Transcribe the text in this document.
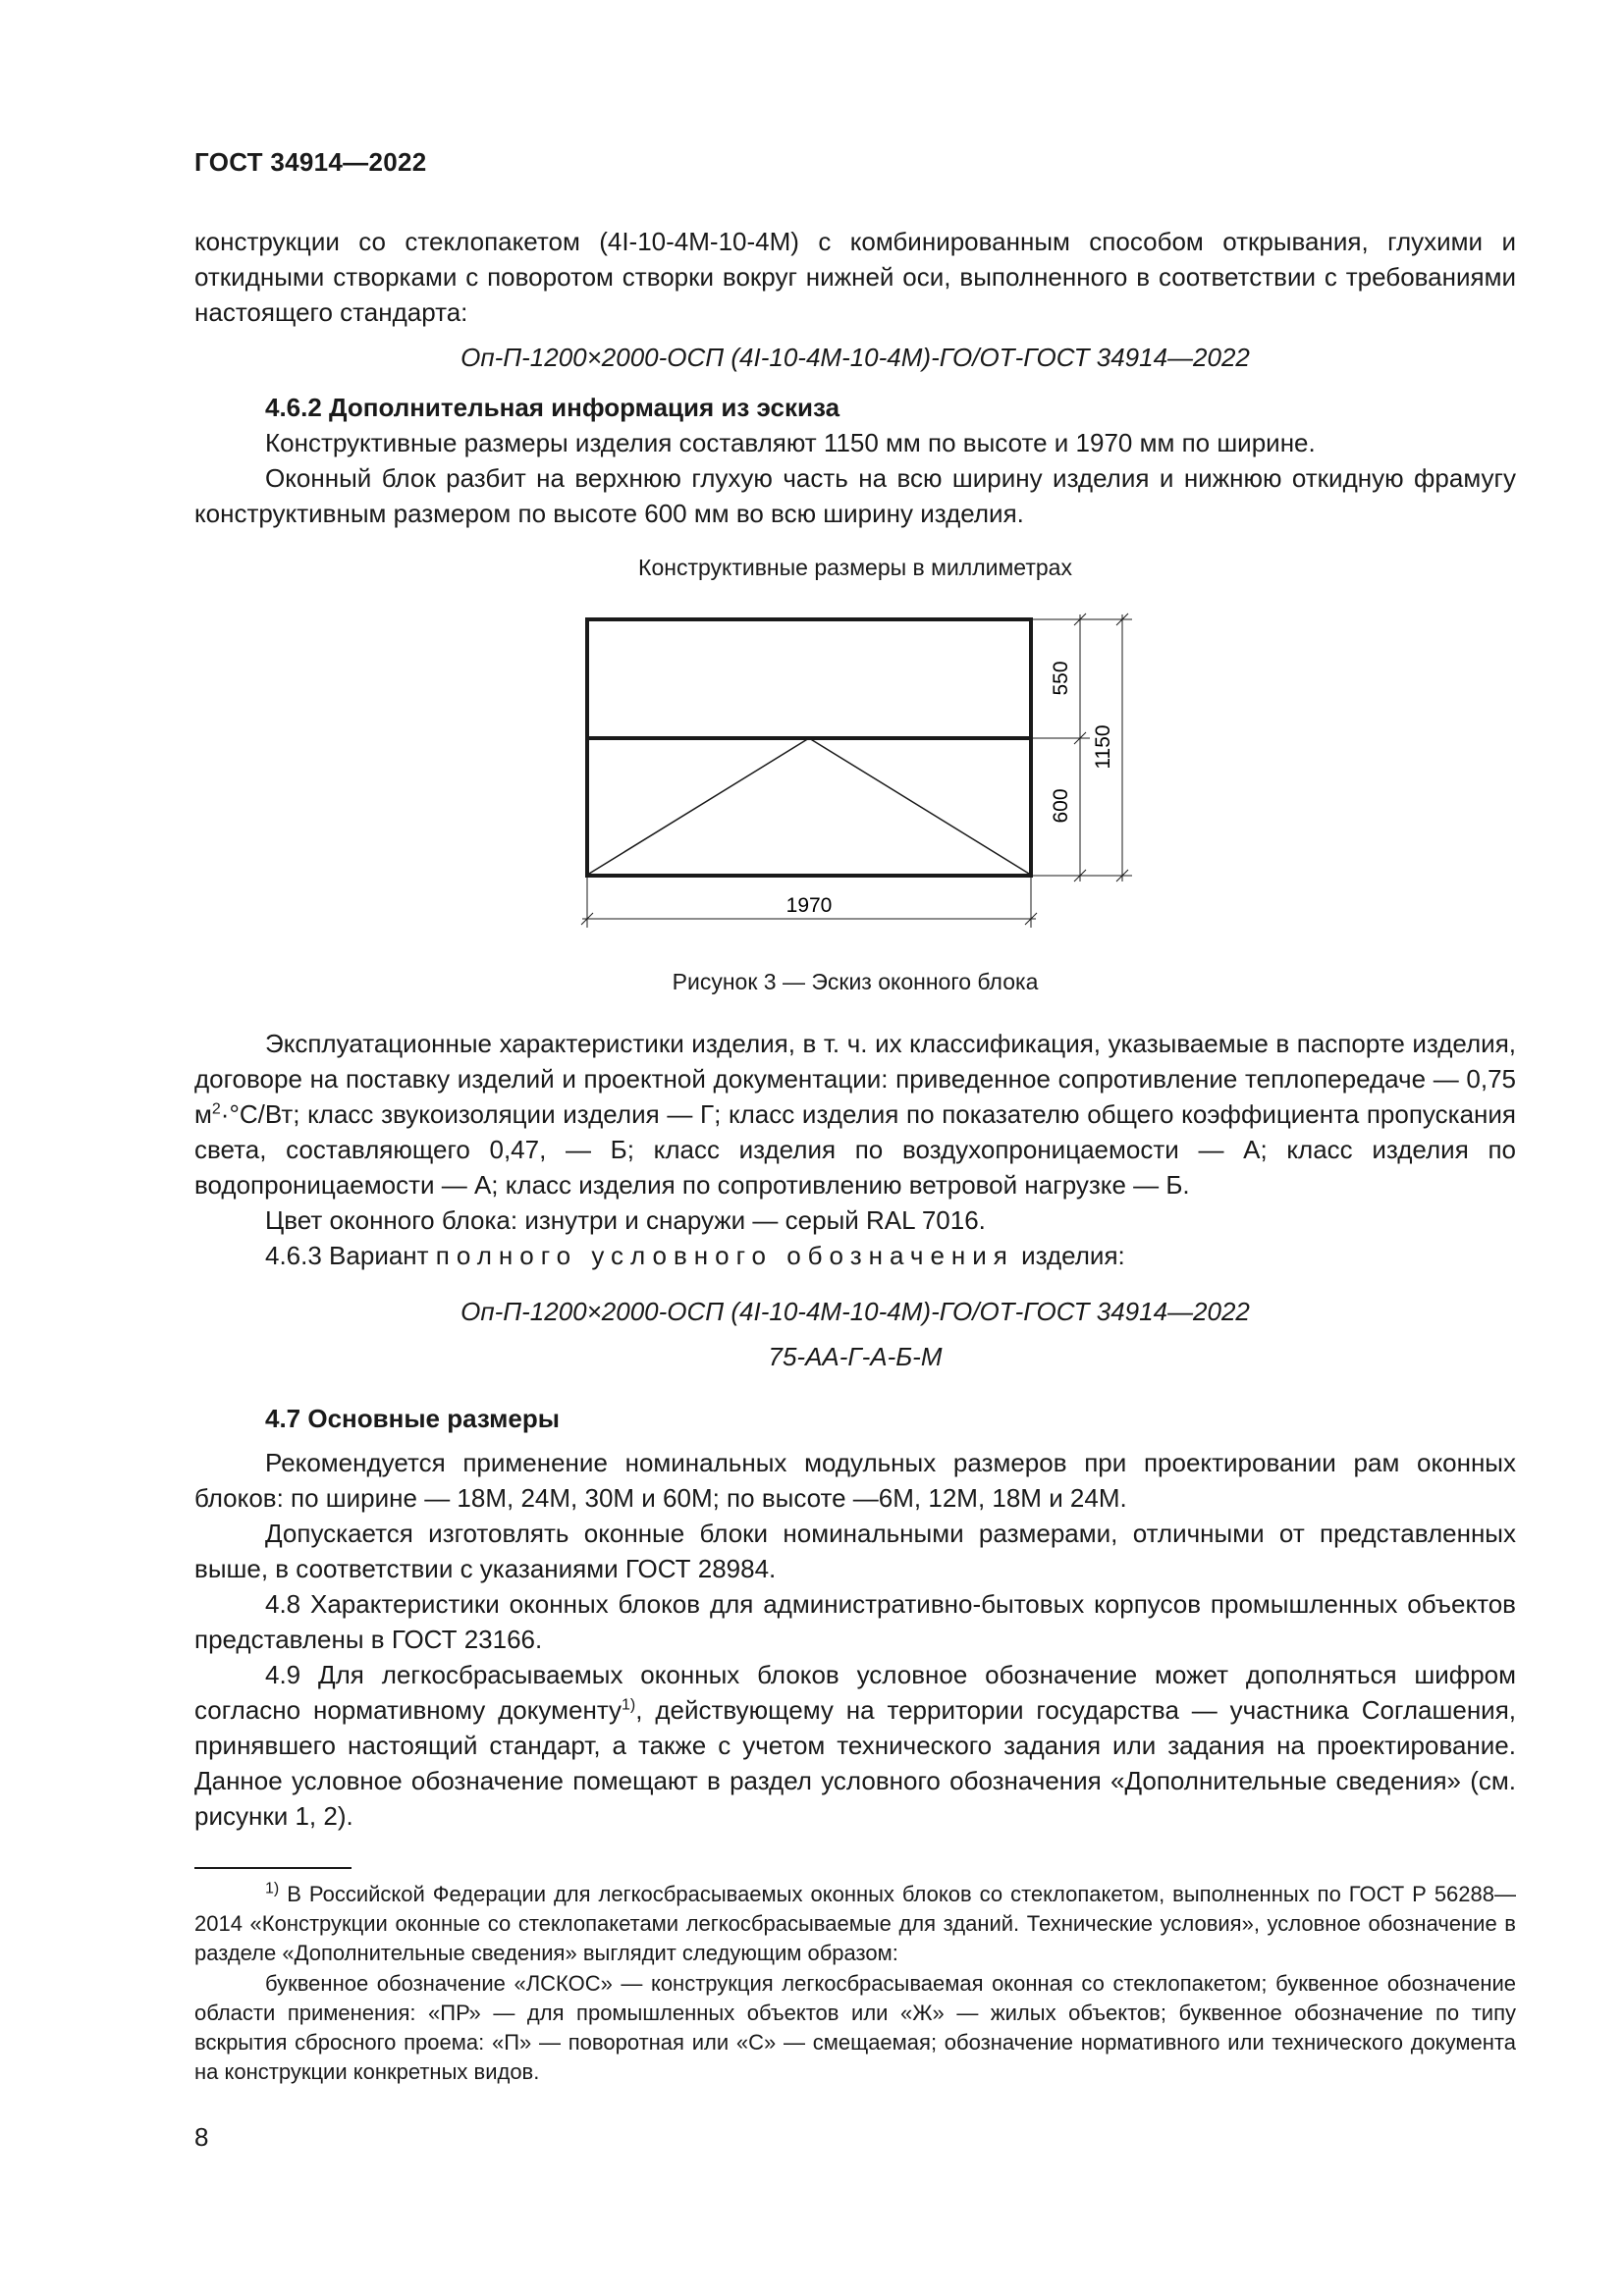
ГОСТ 34914—2022
конструкции со стеклопакетом (4I-10-4М-10-4М) с комбинированным способом открывания, глухими и откидными створками с поворотом створки вокруг нижней оси, выполненного в соответствии с требованиями настоящего стандарта:
Оп-П-1200×2000-ОСП (4I-10-4М-10-4М)-ГО/ОТ-ГОСТ 34914—2022
4.6.2 Дополнительная информация из эскиза
Конструктивные размеры изделия составляют 1150 мм по высоте и 1970 мм по ширине.
Оконный блок разбит на верхнюю глухую часть на всю ширину изделия и нижнюю откидную фрамугу конструктивным размером по высоте 600 мм во всю ширину изделия.
Конструктивные размеры в миллиметрах
550
600
1150
1970
Рисунок 3 — Эскиз оконного блока
Эксплуатационные характеристики изделия, в т. ч. их классификация, указываемые в паспорте изделия, договоре на поставку изделий и проектной документации: приведенное сопротивление теплопередаче — 0,75 $м^2\cdot^\circ С/Вт$; класс звукоизоляции изделия — Г; класс изделия по показателю общего коэффициента пропускания света, составляющего 0,47, — Б; класс изделия по воздухопроницаемости — А; класс изделия по водопроницаемости — А; класс изделия по сопротивлению ветровой нагрузке — Б.
Цвет оконного блока: изнутри и снаружи — серый RAL 7016.
4.6.3 Вариант полного условного обозначения изделия:
Оп-П-1200×2000-ОСП (4I-10-4М-10-4М)-ГО/ОТ-ГОСТ 34914—2022
75-АА-Г-А-Б-М
4.7 Основные размеры
Рекомендуется применение номинальных модульных размеров при проектировании рам оконных блоков: по ширине — 18М, 24М, 30М и 60М; по высоте —6М, 12М, 18М и 24М.
Допускается изготовлять оконные блоки номинальными размерами, отличными от представленных выше, в соответствии с указаниями ГОСТ 28984.
4.8 Характеристики оконных блоков для административно-бытовых корпусов промышленных объектов представлены в ГОСТ 23166.
4.9 Для легкосбрасываемых оконных блоков условное обозначение может дополняться шифром согласно нормативному документу$^{1)}$, действующему на территории государства — участника Соглашения, принявшего настоящий стандарт, а также с учетом технического задания или задания на проектирование. Данное условное обозначение помещают в раздел условного обозначения «Дополнительные сведения» (см. рисунки 1, 2).
$^{1)}$ В Российской Федерации для легкосбрасываемых оконных блоков со стеклопакетом, выполненных по ГОСТ Р 56288—2014 «Конструкции оконные со стеклопакетами легкосбрасываемые для зданий. Технические условия», условное обозначение в разделе «Дополнительные сведения» выглядит следующим образом:
буквенное обозначение «ЛСКОС» — конструкция легкосбрасываемая оконная со стеклопакетом; буквенное обозначение области применения: «ПР» — для промышленных объектов или «Ж» — жилых объектов; буквенное обозначение по типу вскрытия сбросного проема: «П» — поворотная или «С» — смещаемая; обозначение нормативного или технического документа на конструкции конкретных видов.
8
